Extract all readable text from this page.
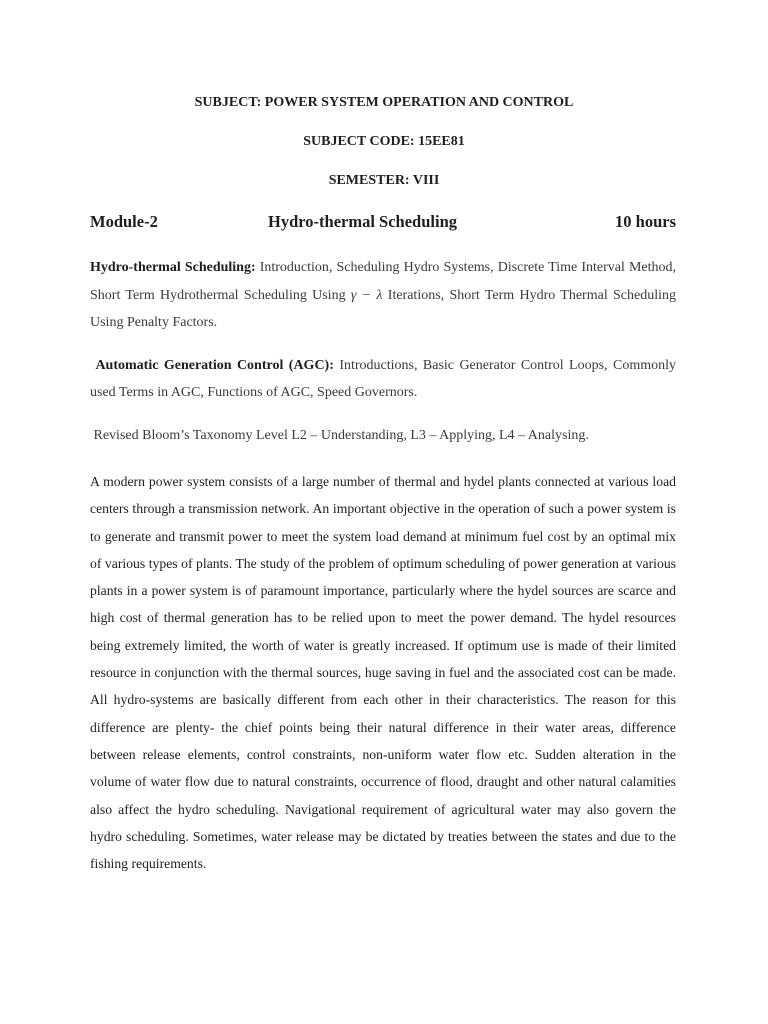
SUBJECT: POWER SYSTEM OPERATION AND CONTROL
SUBJECT CODE: 15EE81
SEMESTER: VIII
Module-2	Hydro-thermal Scheduling	10 hours
Hydro-thermal Scheduling: Introduction, Scheduling Hydro Systems, Discrete Time Interval Method, Short Term Hydrothermal Scheduling Using γ − λ Iterations, Short Term Hydro Thermal Scheduling Using Penalty Factors.
Automatic Generation Control (AGC): Introductions, Basic Generator Control Loops, Commonly used Terms in AGC, Functions of AGC, Speed Governors.
Revised Bloom’s Taxonomy Level L2 – Understanding, L3 – Applying, L4 – Analysing.
A modern power system consists of a large number of thermal and hydel plants connected at various load centers through a transmission network. An important objective in the operation of such a power system is to generate and transmit power to meet the system load demand at minimum fuel cost by an optimal mix of various types of plants. The study of the problem of optimum scheduling of power generation at various plants in a power system is of paramount importance, particularly where the hydel sources are scarce and high cost of thermal generation has to be relied upon to meet the power demand. The hydel resources being extremely limited, the worth of water is greatly increased. If optimum use is made of their limited resource in conjunction with the thermal sources, huge saving in fuel and the associated cost can be made. All hydro-systems are basically different from each other in their characteristics. The reason for this difference are plenty- the chief points being their natural difference in their water areas, difference between release elements, control constraints, non-uniform water flow etc. Sudden alteration in the volume of water flow due to natural constraints, occurrence of flood, draught and other natural calamities also affect the hydro scheduling. Navigational requirement of agricultural water may also govern the hydro scheduling. Sometimes, water release may be dictated by treaties between the states and due to the fishing requirements.
